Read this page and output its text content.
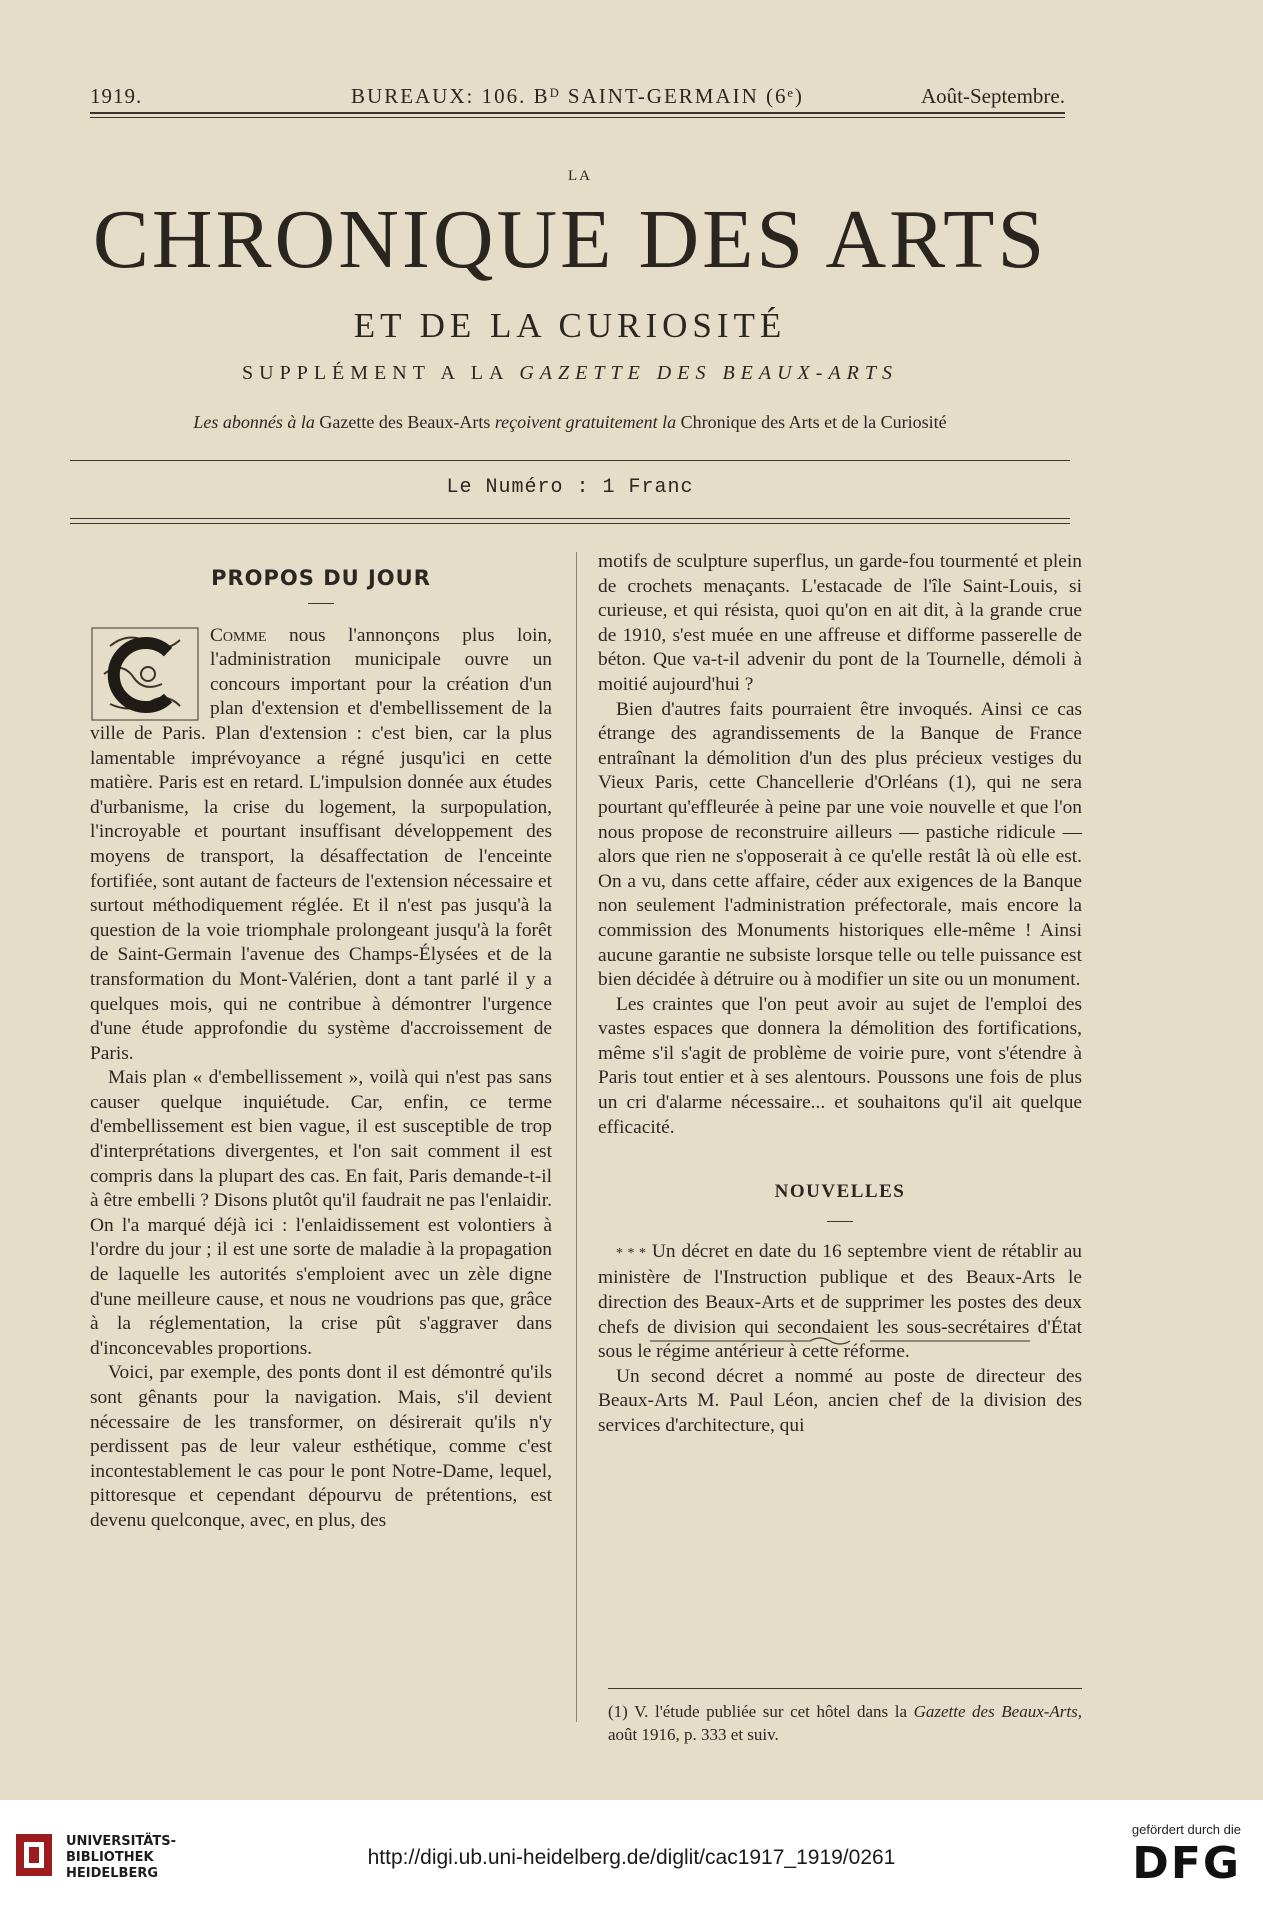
1919.	BUREAUX: 106. Bᴰ SAINT-GERMAIN (6ᵉ)	Août-Septembre.
LA
CHRONIQUE DES ARTS
ET DE LA CURIOSITÉ
SUPPLÉMENT A LA GAZETTE DES BEAUX-ARTS
Les abonnés à la Gazette des Beaux-Arts reçoivent gratuitement la Chronique des Arts et de la Curiosité
Le Numéro : 1 Franc
PROPOS DU JOUR

Comme nous l'annonçons plus loin, l'administration municipale ouvre un concours important pour la création d'un plan d'extension et d'embellissement de la ville de Paris. Plan d'extension : c'est bien, car la plus lamentable imprévoyance a régné jusqu'ici en cette matière. Paris est en retard. L'impulsion donnée aux études d'urbanisme, la crise du logement, la surpopulation, l'incroyable et pourtant insuffisant développement des moyens de transport, la désaffectation de l'enceinte fortifiée, sont autant de facteurs de l'extension nécessaire et surtout méthodiquement réglée. Et il n'est pas jusqu'à la question de la voie triomphale prolongeant jusqu'à la forêt de Saint-Germain l'avenue des Champs-Élysées et de la transformation du Mont-Valérien, dont a tant parlé il y a quelques mois, qui ne contribue à démontrer l'urgence d'une étude approfondie du système d'accroissement de Paris.

Mais plan « d'embellissement », voilà qui n'est pas sans causer quelque inquiétude. Car, enfin, ce terme d'embellissement est bien vague, il est susceptible de trop d'interprétations divergentes, et l'on sait comment il est compris dans la plupart des cas. En fait, Paris demande-t-il à être embelli ? Disons plutôt qu'il faudrait ne pas l'enlaidir. On l'a marqué déjà ici : l'enlaidissement est volontiers à l'ordre du jour ; il est une sorte de maladie à la propagation de laquelle les autorités s'emploient avec un zèle digne d'une meilleure cause, et nous ne voudrions pas que, grâce à la réglementation, la crise pût s'aggraver dans d'inconcevables proportions.

Voici, par exemple, des ponts dont il est démontré qu'ils sont gênants pour la navigation. Mais, s'il devient nécessaire de les transformer, on désirerait qu'ils n'y perdissent pas de leur valeur esthétique, comme c'est incontestablement le cas pour le pont Notre-Dame, lequel, pittoresque et cependant dépourvu de prétentions, est devenu quelconque, avec, en plus, des

motifs de sculpture superflus, un garde-fou tourmenté et plein de crochets menaçants. L'estacade de l'île Saint-Louis, si curieuse, et qui résista, quoi qu'on en ait dit, à la grande crue de 1910, s'est muée en une affreuse et difforme passerelle de béton. Que va-t-il advenir du pont de la Tournelle, démoli à moitié aujourd'hui ?

Bien d'autres faits pourraient être invoqués. Ainsi ce cas étrange des agrandissements de la Banque de France entraînant la démolition d'un des plus précieux vestiges du Vieux Paris, cette Chancellerie d'Orléans (1), qui ne sera pourtant qu'effleurée à peine par une voie nouvelle et que l'on nous propose de reconstruire ailleurs — pastiche ridicule — alors que rien ne s'opposerait à ce qu'elle restât là où elle est. On a vu, dans cette affaire, céder aux exigences de la Banque non seulement l'administration préfectorale, mais encore la commission des Monuments historiques elle-même ! Ainsi aucune garantie ne subsiste lorsque telle ou telle puissance est bien décidée à détruire ou à modifier un site ou un monument.

Les craintes que l'on peut avoir au sujet de l'emploi des vastes espaces que donnera la démolition des fortifications, même s'il s'agit de problème de voirie pure, vont s'étendre à Paris tout entier et à ses alentours. Poussons une fois de plus un cri d'alarme nécessaire... et souhaitons qu'il ait quelque efficacité.

NOUVELLES

* * * Un décret en date du 16 septembre vient de rétablir au ministère de l'Instruction publique et des Beaux-Arts le direction des Beaux-Arts et de supprimer les postes des deux chefs de division qui secondaient les sous-secrétaires d'État sous le régime antérieur à cette réforme.

Un second décret a nommé au poste de directeur des Beaux-Arts M. Paul Léon, ancien chef de la division des services d'architecture, qui

(1) V. l'étude publiée sur cet hôtel dans la Gazette des Beaux-Arts, août 1916, p. 333 et suiv.
UNIVERSITÄTS-
BIBLIOTHEK
HEIDELBERG
http://digi.ub.uni-heidelberg.de/diglit/cac1917_1919/0261
gefördert durch die
DFG
